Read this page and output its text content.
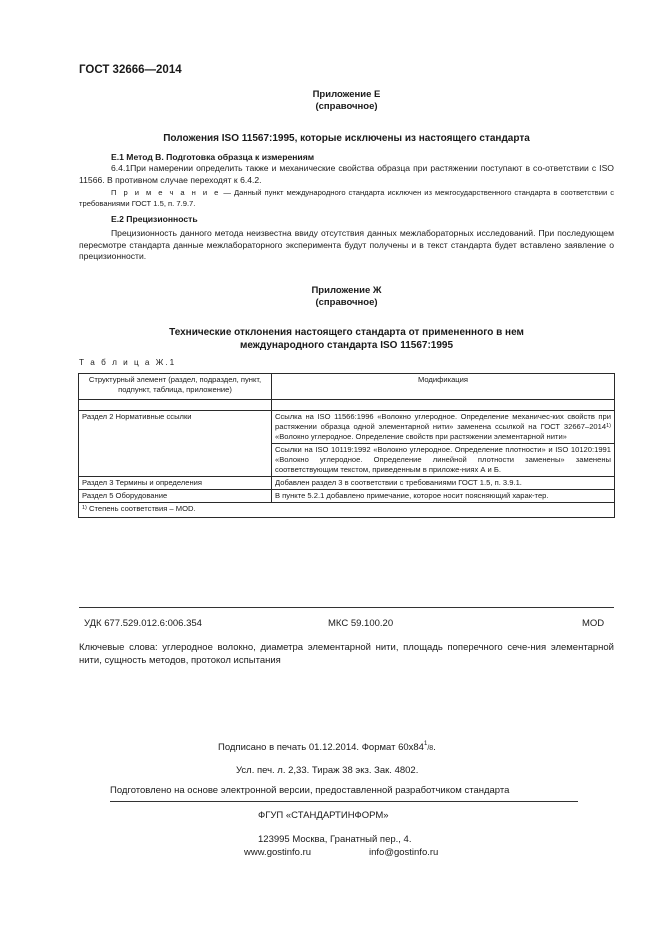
ГОСТ 32666—2014
Приложение Е
(справочное)
Положения ISO 11567:1995, которые исключены из настоящего стандарта
Е.1 Метод В. Подготовка образца к измерениям
6.4.1При намерении определить также и механические свойства образца при растяжении поступают в со-ответствии с ISO 11566. В противном случае переходят к 6.4.2.
П р и м е ч а н и е — Данный пункт международного стандарта исключен из межгосударственного стандарта в соответствии с требованиями ГОСТ 1.5, п. 7.9.7.
Е.2 Прецизионность
Прецизионность данного метода неизвестна ввиду отсутствия данных межлабораторных исследований. При последующем пересмотре стандарта данные межлабораторного эксперимента будут получены и в текст стандарта будет вставлено заявление о прецизионности.
Приложение Ж
(справочное)
Технические отклонения настоящего стандарта от примененного в нем
международного стандарта ISO 11567:1995
Т а б л и ц а Ж.1
Структурный элемент (раздел, подраздел, пункт, подпункт, таблица, приложение)	Модификация

Раздел 2 Нормативные ссылки	Ссылка на ISO 11566:1996 «Волокно углеродное. Определение механичес-ких свойств при растяжении образца одной элементарной нити» заменена ссылкой на ГОСТ 32667–2014$^{1)}$ «Волокно углеродное. Определение свойств при растяжении элементарной нити»
	Ссылки на ISO 10119:1992 «Волокно углеродное. Определение плотности» и ISO 10120:1991 «Волокно углеродное. Определение линейной плотности заменены» заменены соответствующим текстом, приведенным в приложе-ниях А и Б.
Раздел 3 Термины и определения	Добавлен раздел 3 в соответствии с требованиями ГОСТ 1.5, п. 3.9.1.
Раздел 5 Оборудование	В пункте 5.2.1 добавлено примечание, которое носит поясняющий харак-тер.
$^{1)}$ Степень соответствия – MOD.	
УДК 677.529.012.6:006.354	МКС 59.100.20	MOD
Ключевые слова: углеродное волокно, диаметра элементарной нити, площадь поперечного сече-ния элементарной нити, сущность методов, протокол испытания
Подписано в печать 01.12.2014. Формат $60x84^1/8$.
Усл. печ. л. 2,33. Тираж 38 экз. Зак. 4802.
Подготовлено на основе электронной версии, предоставленной разработчиком стандарта
ФГУП «СТАНДАРТИНФОРМ»
123995 Москва, Гранатный пер., 4.
www.gostinfo.ru	info@gostinfo.ru
